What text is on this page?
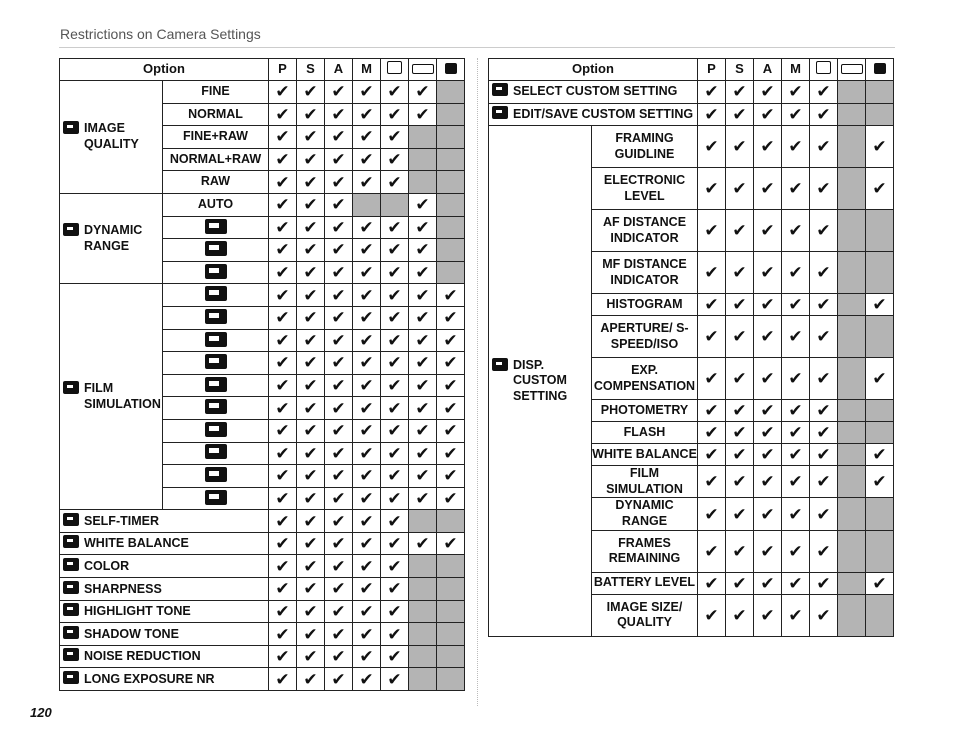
Restrictions on Camera Settings
120
Option		P	S	A	M			
IMAGE QUALITY	FINE	✔	✔	✔	✔	✔	✔	
	NORMAL	✔	✔	✔	✔	✔	✔	
	FINE+RAW	✔	✔	✔	✔	✔		
	NORMAL+RAW	✔	✔	✔	✔	✔		
	RAW	✔	✔	✔	✔	✔		
DYNAMIC RANGE	AUTO	✔	✔	✔			✔	
		✔	✔	✔	✔	✔	✔	
		✔	✔	✔	✔	✔	✔	
		✔	✔	✔	✔	✔	✔	
FILM SIMULATION		✔	✔	✔	✔	✔	✔	✔
		✔	✔	✔	✔	✔	✔	✔
		✔	✔	✔	✔	✔	✔	✔
		✔	✔	✔	✔	✔	✔	✔
		✔	✔	✔	✔	✔	✔	✔
		✔	✔	✔	✔	✔	✔	✔
		✔	✔	✔	✔	✔	✔	✔
		✔	✔	✔	✔	✔	✔	✔
		✔	✔	✔	✔	✔	✔	✔
		✔	✔	✔	✔	✔	✔	✔
SELF-TIMER		✔	✔	✔	✔	✔		
WHITE BALANCE		✔	✔	✔	✔	✔	✔	✔
COLOR		✔	✔	✔	✔	✔		
SHARPNESS		✔	✔	✔	✔	✔		
HIGHLIGHT TONE		✔	✔	✔	✔	✔		
SHADOW TONE		✔	✔	✔	✔	✔		
NOISE REDUCTION		✔	✔	✔	✔	✔		
LONG EXPOSURE NR		✔	✔	✔	✔	✔		
Option		P	S	A	M			
SELECT CUSTOM SETTING		✔	✔	✔	✔	✔		
EDIT/SAVE CUSTOM SETTING		✔	✔	✔	✔	✔		
DISP. CUSTOM SETTING	FRAMING GUIDLINE	✔	✔	✔	✔	✔		✔
	ELECTRONIC LEVEL	✔	✔	✔	✔	✔		✔
	AF DISTANCE INDICATOR	✔	✔	✔	✔	✔		
	MF DISTANCE INDICATOR	✔	✔	✔	✔	✔		
	HISTOGRAM	✔	✔	✔	✔	✔		✔
	APERTURE/ S-SPEED/ISO	✔	✔	✔	✔	✔		
	EXP. COMPENSATION	✔	✔	✔	✔	✔		✔
	PHOTOMETRY	✔	✔	✔	✔	✔		
	FLASH	✔	✔	✔	✔	✔		
	WHITE BALANCE	✔	✔	✔	✔	✔		✔
	FILM SIMULATION	✔	✔	✔	✔	✔		✔
	DYNAMIC RANGE	✔	✔	✔	✔	✔		
	FRAMES REMAINING	✔	✔	✔	✔	✔		
	BATTERY LEVEL	✔	✔	✔	✔	✔		✔
	IMAGE SIZE/ QUALITY	✔	✔	✔	✔	✔		
